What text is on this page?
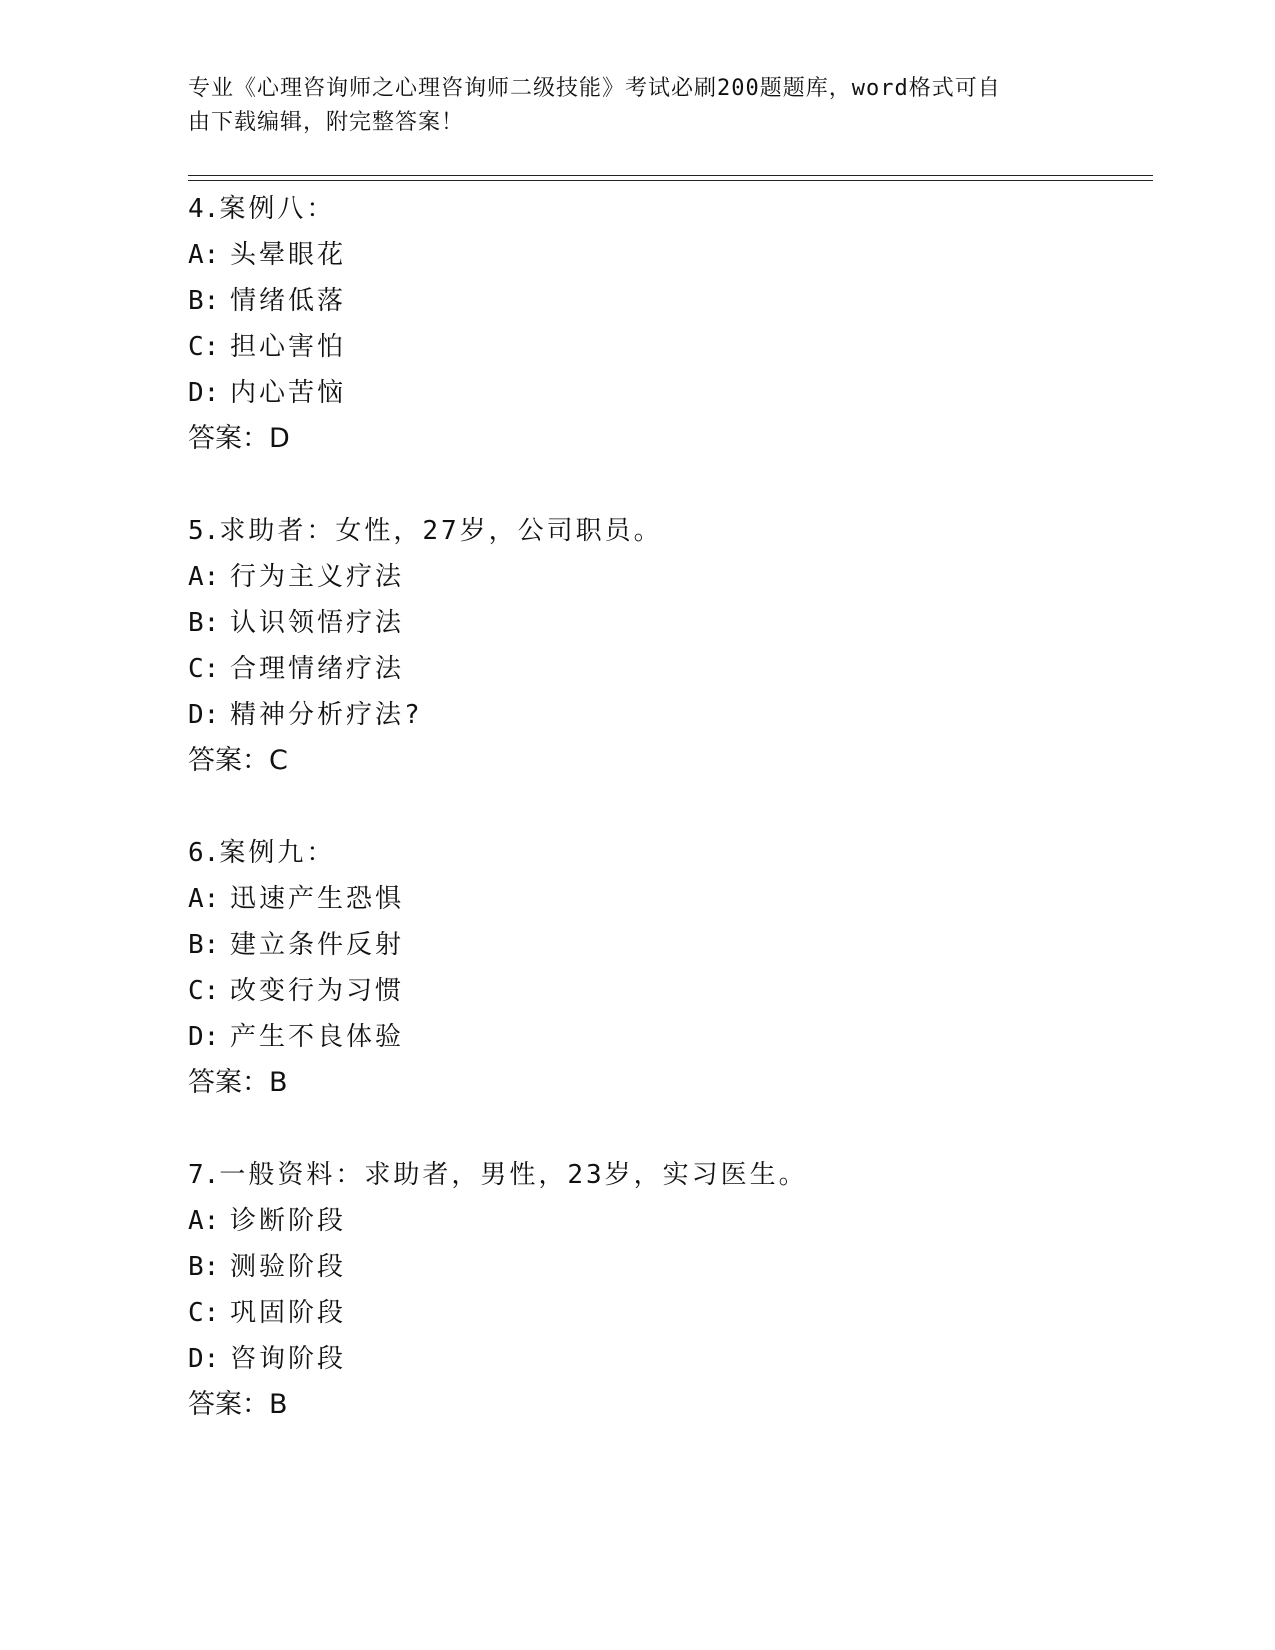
专业《心理咨询师之心理咨询师二级技能》考试必刷200题题库，word格式可自
由下载编辑，附完整答案！
4.案例八：
A: 头晕眼花
B: 情绪低落
C: 担心害怕
D: 内心苦恼
答案：D
5.求助者：女性，27岁，公司职员。
A: 行为主义疗法
B: 认识领悟疗法
C: 合理情绪疗法
D: 精神分析疗法?
答案：C
6.案例九：
A: 迅速产生恐惧
B: 建立条件反射
C: 改变行为习惯
D: 产生不良体验
答案：B
7.一般资料：求助者，男性，23岁，实习医生。
A: 诊断阶段
B: 测验阶段
C: 巩固阶段
D: 咨询阶段
答案：B
